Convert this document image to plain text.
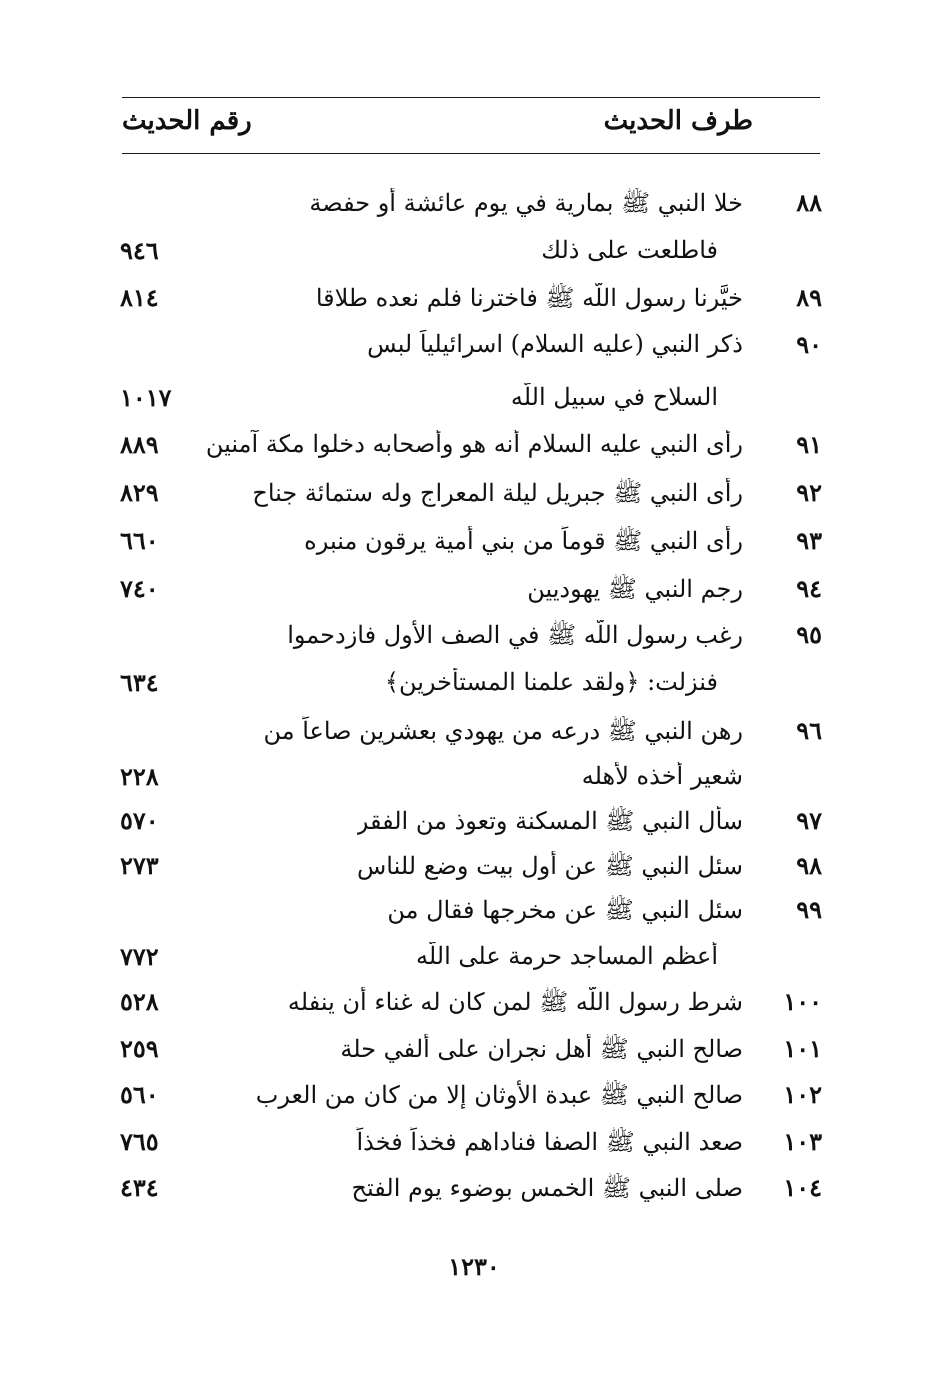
طرف الحديث
رقم الحديث
٨٨
خلا النبي ﷺ بمارية في يوم عائشة أو حفصة
فاطلعت على ذلك
٩٤٦
٨٩
خيَّرنا رسول اللَّه ﷺ فاخترنا فلم نعده طلاقا
٨١٤
٩٠
ذكر النبي (عليه السلام) اسرائيلياً لبس
السلاح في سبيل اللَّه
١٠١٧
٩١
رأى النبي عليه السلام أنه هو وأصحابه دخلوا مكة آمنين
٨٨٩
٩٢
رأى النبي ﷺ جبريل ليلة المعراج وله ستمائة جناح
٨٢٩
٩٣
رأى النبي ﷺ قوماً من بني أمية يرقون منبره
٦٦٠
٩٤
رجم النبي ﷺ يهوديين
٧٤٠
٩٥
رغب رسول اللَّه ﷺ في الصف الأول فازدحموا
فنزلت: ﴿ولقد علمنا المستأخرين﴾
٦٣٤
٩٦
رهن النبي ﷺ درعه من يهودي بعشرين صاعاً من
شعير أخذه لأهله
٢٢٨
٩٧
سأل النبي ﷺ المسكنة وتعوذ من الفقر
٥٧٠
٩٨
سئل النبي ﷺ عن أول بيت وضع للناس
٢٧٣
٩٩
سئل النبي ﷺ عن مخرجها فقال من
أعظم المساجد حرمة على اللَّه
٧٧٢
١٠٠
شرط رسول اللَّه ﷺ لمن كان له غناء أن ينفله
٥٢٨
١٠١
صالح النبي ﷺ أهل نجران على ألفي حلة
٢٥٩
١٠٢
صالح النبي ﷺ عبدة الأوثان إلا من كان من العرب
٥٦٠
١٠٣
صعد النبي ﷺ الصفا فناداهم فخذاً فخذاً
٧٦٥
١٠٤
صلى النبي ﷺ الخمس بوضوء يوم الفتح
٤٣٤
١٢٣٠
